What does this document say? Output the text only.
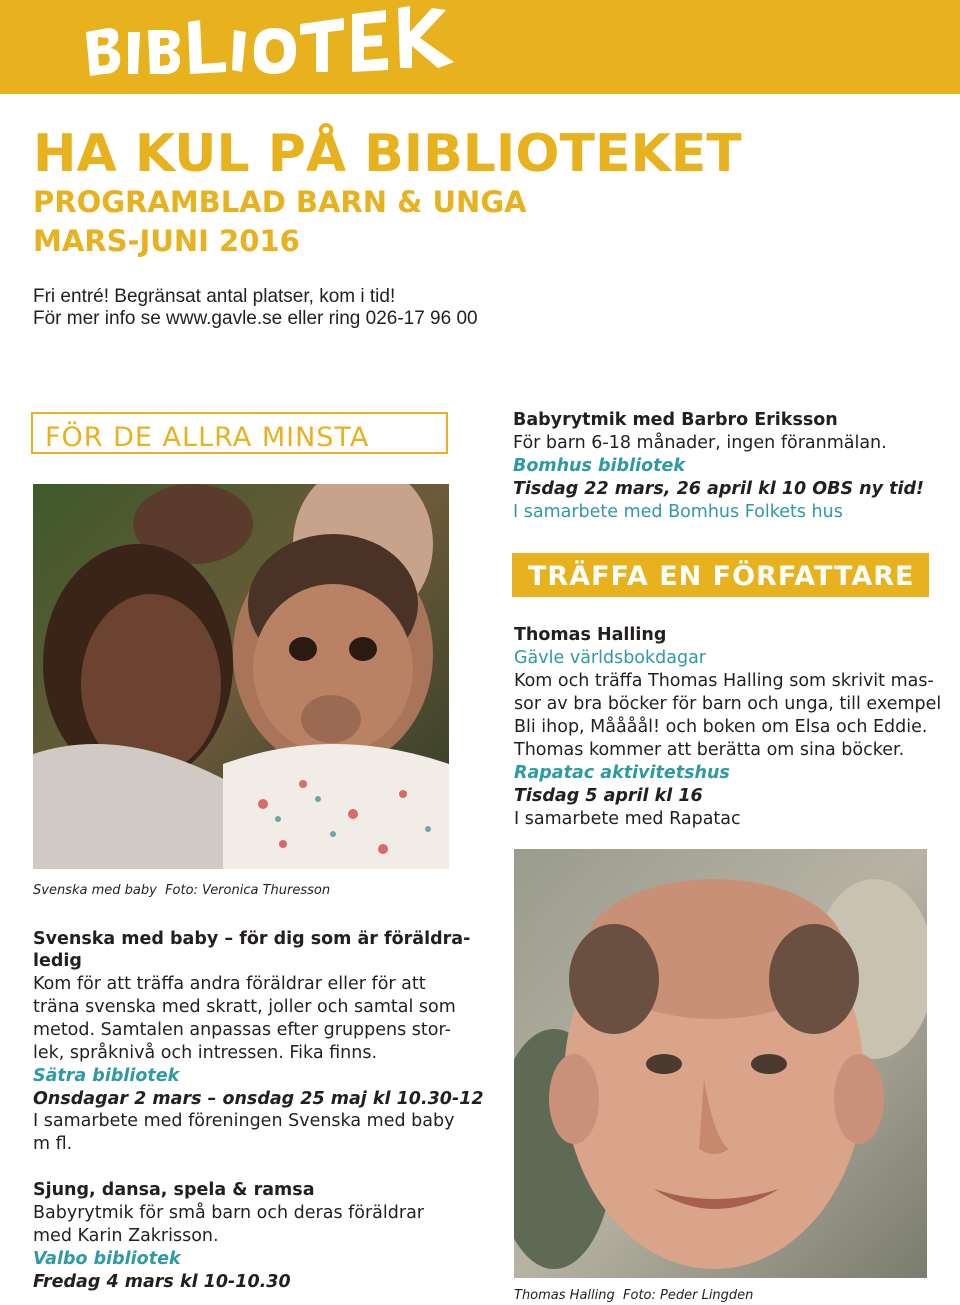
HA KUL PÅ BIBLIOTEKET
PROGRAMBLAD BARN & UNGA
MARS-JUNI 2016
Fri entré! Begränsat antal platser, kom i tid!
För mer info se www.gavle.se eller ring 026-17 96 00
FÖR DE ALLRA MINSTA
Svenska med baby Foto: Veronica Thuresson
Babyrytmik med Barbro Eriksson
För barn 6-18 månader, ingen föranmälan.
Bomhus bibliotek
Tisdag 22 mars, 26 april kl 10 OBS ny tid!
I samarbete med Bomhus Folkets hus
TRÄFFA EN FÖRFATTARE
Thomas Halling
Gävle världsbokdagar
Kom och träffa Thomas Halling som skrivit mas-
sor av bra böcker för barn och unga, till exempel
Bli ihop, Måååål! och boken om Elsa och Eddie.
Thomas kommer att berätta om sina böcker.
Rapatac aktivitetshus
Tisdag 5 april kl 16
I samarbete med Rapatac
Thomas Halling Foto: Peder Lingden
Svenska med baby – för dig som är föräldra-
ledig
Kom för att träffa andra föräldrar eller för att
träna svenska med skratt, joller och samtal som
metod. Samtalen anpassas efter gruppens stor-
lek, språknivå och intressen. Fika finns.
Sätra bibliotek
Onsdagar 2 mars – onsdag 25 maj kl 10.30-12
I samarbete med föreningen Svenska med baby
m fl.
Sjung, dansa, spela & ramsa
Babyrytmik för små barn och deras föräldrar
med Karin Zakrisson.
Valbo bibliotek
Fredag 4 mars kl 10-10.30
